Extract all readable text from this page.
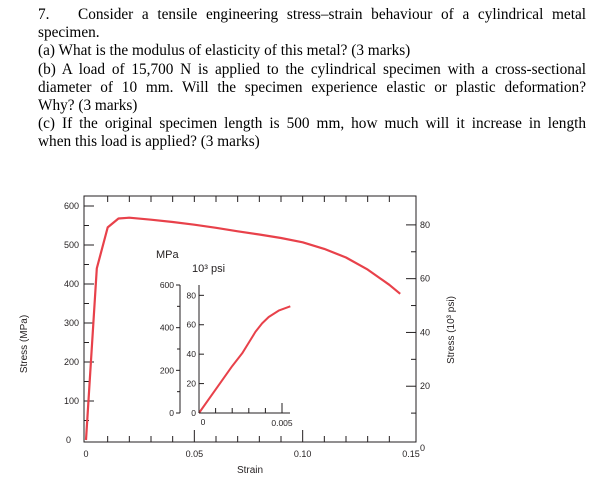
7. Consider a tensile engineering stress–strain behaviour of a cylindrical metal
specimen.
(a) What is the modulus of elasticity of this metal? (3 marks)
(b) A load of 15,700 N is applied to the cylindrical specimen with a cross-sectional
diameter of 10 mm. Will the specimen experience elastic or plastic deformation?
Why? (3 marks)
(c) If the original specimen length is 500 mm, how much will it increase in length
when this load is applied? (3 marks)
0
100
200
300
400
500
600
0
20
40
60
80
0	0.05	0.10	0.15
0
200
400
600
0
20
40
60
80
0	0.005
MPa
10³ psi
Strain
Stress (MPa)	Stress (10³ psi)
